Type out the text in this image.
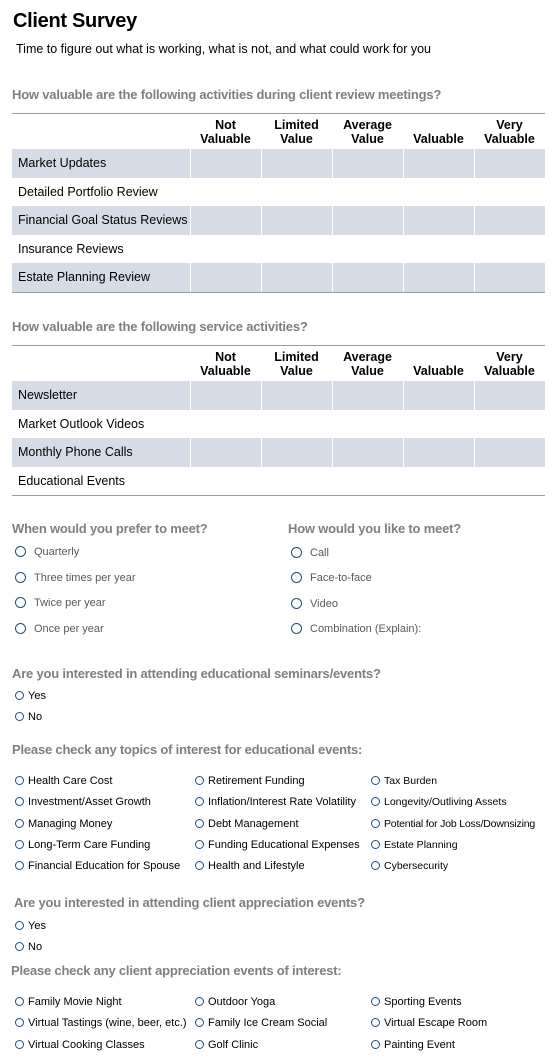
Client Survey
Time to figure out what is working, what is not, and what could work for you
How valuable are the following activities during client review meetings?
Not
Valuable
Limited
Value
Average
Value	Valuable
Very
Valuable
Market Updates
Detailed Portfolio Review
Financial Goal Status Reviews
Insurance Reviews
Estate Planning Review
How valuable are the following service activities?
Not
Valuable
Limited
Value
Average
Value	Valuable
Very
Valuable
Newsletter
Market Outlook Videos
Monthly Phone Calls
Educational Events
When would you prefer to meet?
Quarterly
Three times per year
Twice per year
Once per year
How would you like to meet?
Call
Face-to-face
Video
Combination (Explain):
Are you interested in attending educational seminars/events?
Yes
No
Please check any topics of interest for educational events:
Health Care Cost
Investment/Asset Growth
Managing Money
Long-Term Care Funding
Financial Education for Spouse
Retirement Funding
Inflation/Interest Rate Volatility
Debt Management
Funding Educational Expenses
Health and Lifestyle
Tax Burden
Longevity/Outliving Assets
Potential for Job Loss/Downsizing
Estate Planning
Cybersecurity
Are you interested in attending client appreciation events?
Yes
No
Please check any client appreciation events of interest:
Family Movie Night
Virtual Tastings (wine, beer, etc.)
Virtual Cooking Classes
Outdoor Yoga
Family Ice Cream Social
Golf Clinic
Sporting Events
Virtual Escape Room
Painting Event
